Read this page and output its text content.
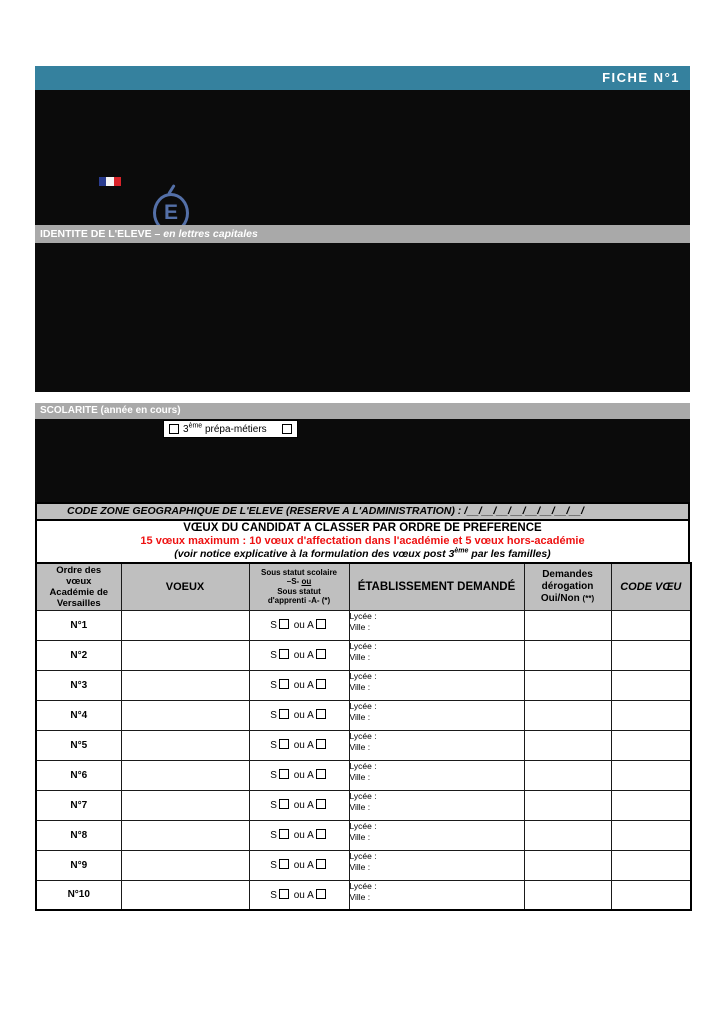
FICHE N°1
E
IDENTITE DE L'ELEVE – en lettres capitales
SCOLARITE (année en cours)
3ème prépa-métiers
CODE ZONE GEOGRAPHIQUE DE L'ELEVE (RESERVE A L'ADMINISTRATION) : /__/__/__/__/__/__/__/__/
VŒUX DU CANDIDAT A CLASSER PAR ORDRE DE PREFERENCE
15 vœux maximum : 10 vœux d'affectation dans l'académie et 5 vœux hors-académie
(voir notice explicative à la formulation des vœux post 3ème par les familles)
Ordre des
vœux
Académie de
Versailles	VOEUX	Sous statut scolaire
–S- ou
Sous statut
d'apprenti -A- (*)	ÉTABLISSEMENT DEMANDÉ	Demandes
dérogation
Oui/Non (**)	CODE VŒU
N°1		S ou A	Lycée :
Ville :		

N°2		S ou A	Lycée :
Ville :		

N°3		S ou A	Lycée :
Ville :		

N°4		S ou A	Lycée :
Ville :		

N°5		S ou A	Lycée :
Ville :		

N°6		S ou A	Lycée :
Ville :		

N°7		S ou A	Lycée :
Ville :		

N°8		S ou A	Lycée :
Ville :		

N°9		S ou A	Lycée :
Ville :		

N°10		S ou A	Lycée :
Ville :		
